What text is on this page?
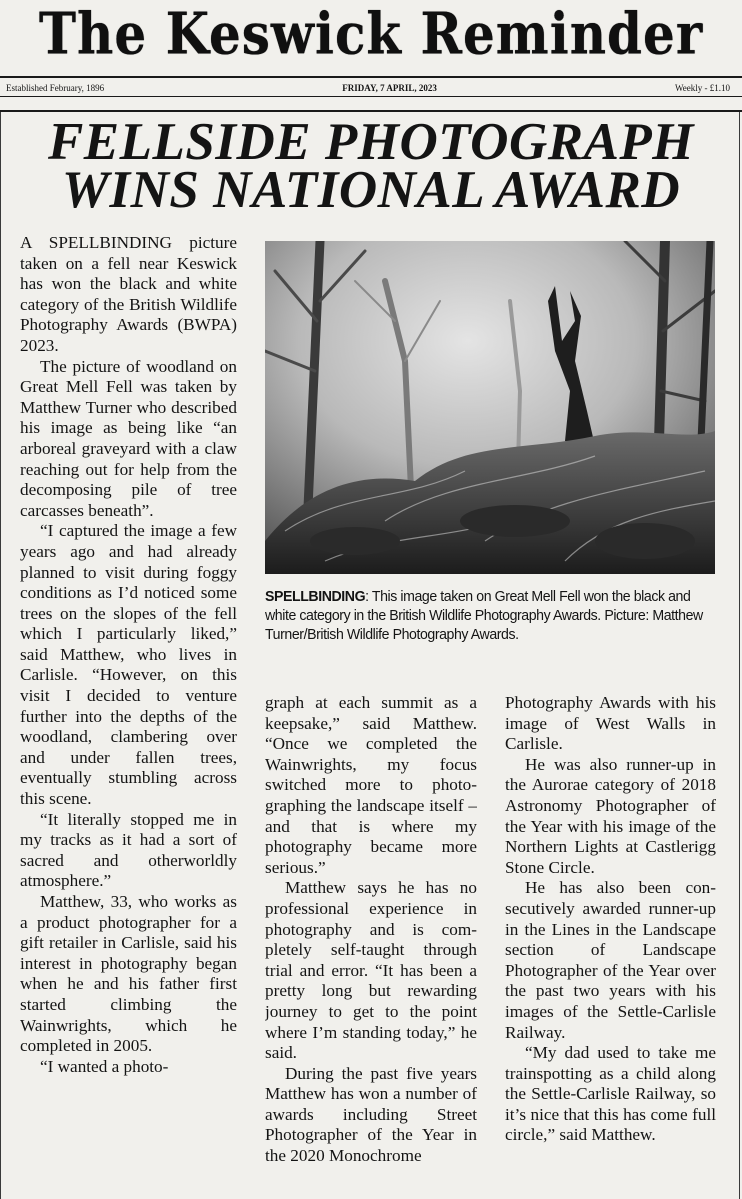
The Keswick Reminder
Established February, 1896	FRIDAY, 7 APRIL, 2023	Weekly - £1.10
FELLSIDE PHOTOGRAPH
WINS NATIONAL AWARD

A SPELLBINDING picture taken on a fell near Keswick has won the black and white category of the British Wildlife Photography Awards (BWPA) 2023.

The picture of woodland on Great Mell Fell was taken by Matthew Turner who described his image as being like “an arboreal graveyard with a claw reaching out for help from the decomposing pile of tree carcasses beneath”.

“I captured the image a few years ago and had already planned to visit during foggy conditions as I’d noticed some trees on the slopes of the fell which I particularly liked,” said Matthew, who lives in Carlisle. “However, on this visit I decided to venture further into the depths of the woodland, clambering over and under fallen trees, eventually stumbling across this scene.

“It literally stopped me in my tracks as it had a sort of sacred and otherworldly atmosphere.”

Matthew, 33, who works as a product photographer for a gift retailer in Carlisle, said his interest in photography began when he and his father first started climbing the Wainwrights, which he completed in 2005.

“I wanted a photo-

SPELLBINDING: This image taken on Great Mell Fell won the black and white category in the British Wildlife Photography Awards. Picture: Matthew Turner/British Wildlife Photography Awards.

graph at each summit as a keepsake,” said Matthew. “Once we completed the Wainwrights, my focus switched more to photographing the landscape itself – and that is where my photography became more serious.”

Matthew says he has no professional experience in photography and is completely self-taught through trial and error. “It has been a pretty long but rewarding journey to get to the point where I’m standing today,” he said.

During the past five years Matthew has won a number of awards including Street Photographer of the Year in the 2020 Monochrome

Photography Awards with his image of West Walls in Carlisle.

He was also runner-up in the Aurorae category of 2018 Astronomy Photographer of the Year with his image of the Northern Lights at Castlerigg Stone Circle.

He has also been consecutively awarded runner-up in the Lines in the Landscape section of Landscape Photographer of the Year over the past two years with his images of the Settle-Carlisle Railway.

“My dad used to take me trainspotting as a child along the Settle-Carlisle Railway, so it’s nice that this has come full circle,” said Matthew.
